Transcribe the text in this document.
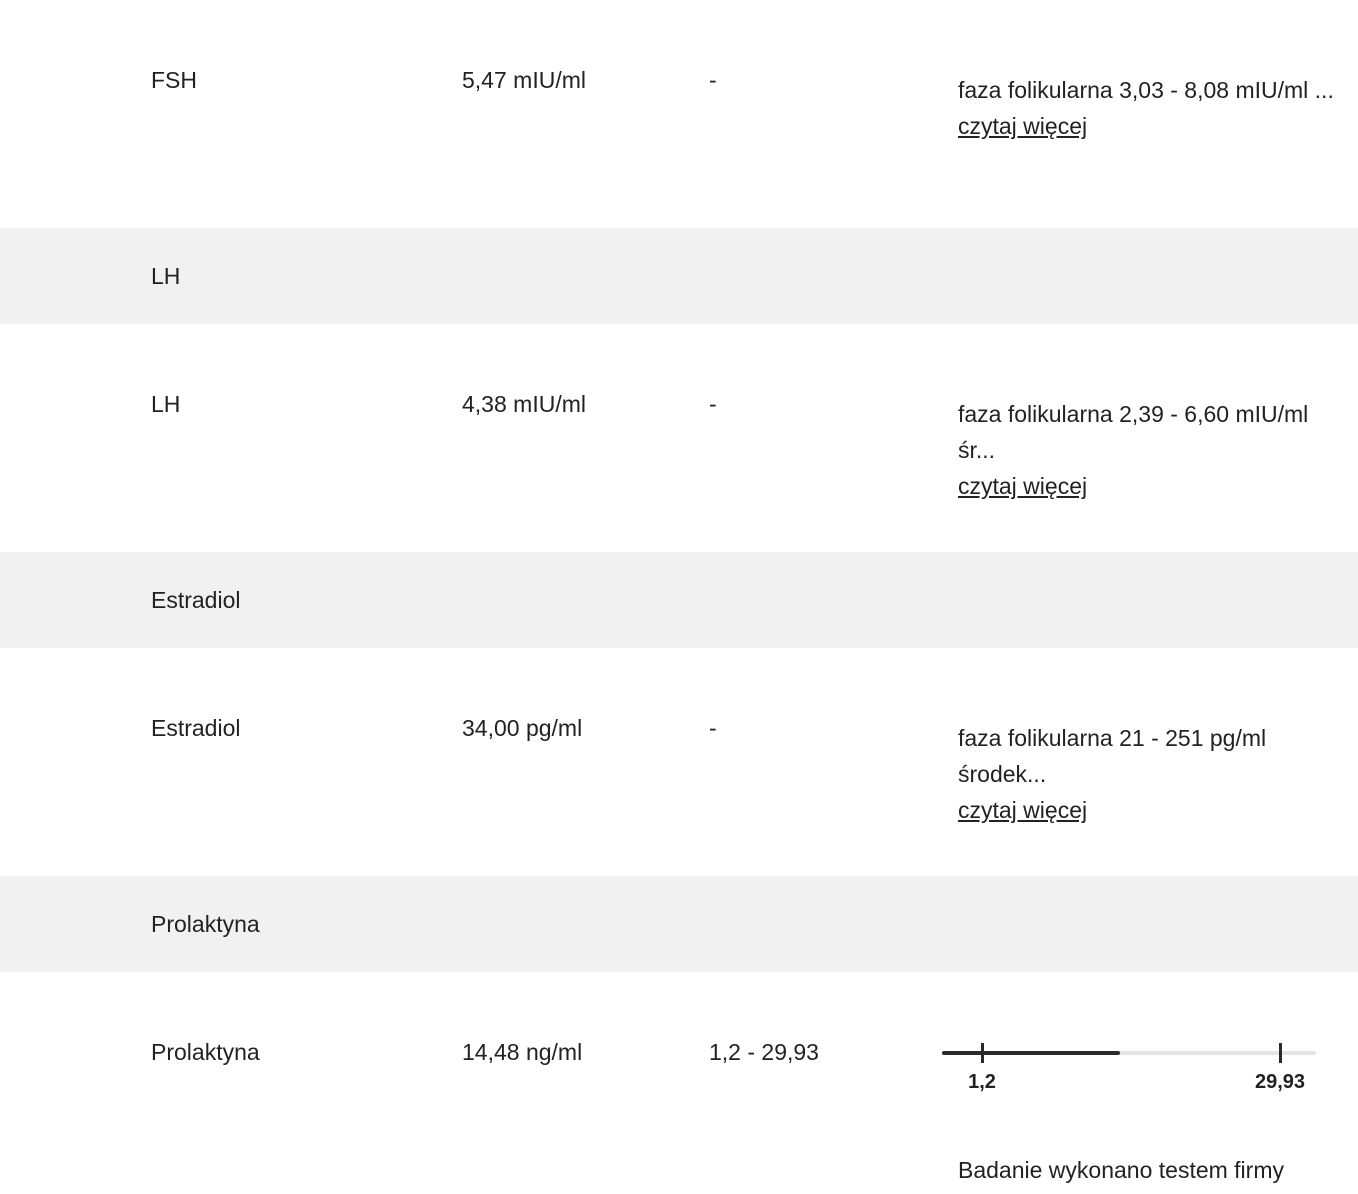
FSH	5,47 mIU/ml	-	faza folikularna 3,03 - 8,08 mIU/ml ...
czytaj więcej
LH
LH	4,38 mIU/ml	-	faza folikularna 2,39 - 6,60 mIU/ml śr...
czytaj więcej
Estradiol
Estradiol	34,00 pg/ml	-	faza folikularna 21 - 251 pg/ml środek...
czytaj więcej
Prolaktyna
Prolaktyna	14,48 ng/ml	1,2 - 29,93
1,2	29,93
Badanie wykonano testem firmy
